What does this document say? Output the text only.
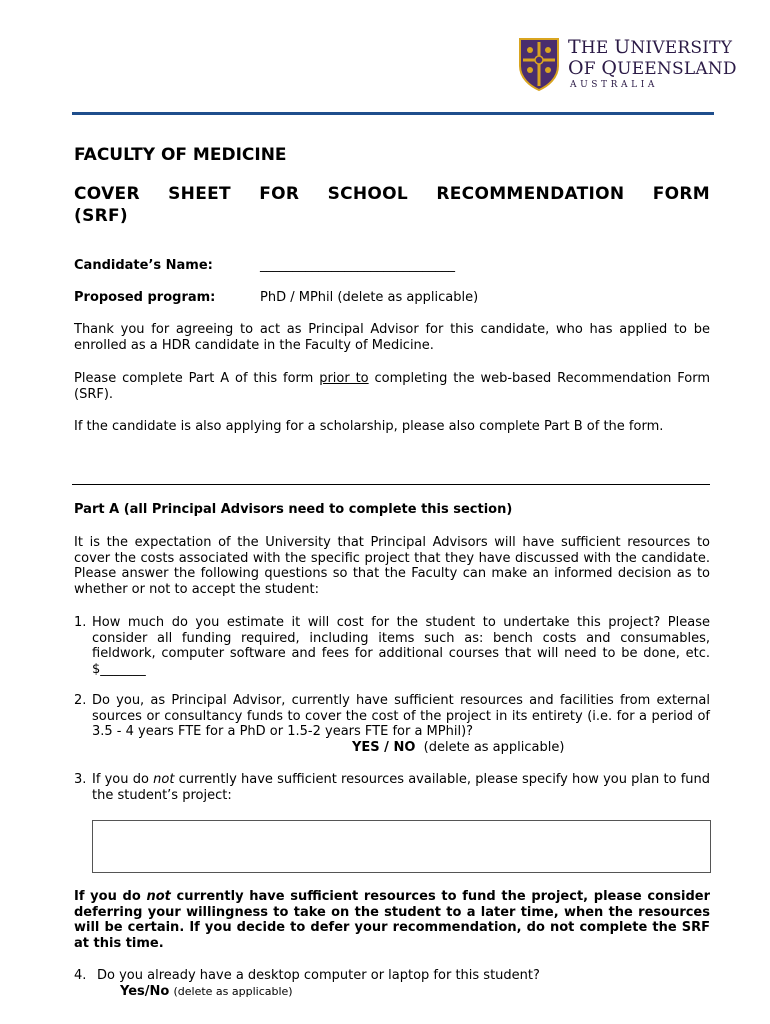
THE UNIVERSITY
OF QUEENSLAND
AUSTRALIA
FACULTY OF MEDICINE
COVER SHEET FOR SCHOOL RECOMMENDATION FORM
(SRF)
Candidate’s Name:	______________________________
Proposed program:	PhD / MPhil (delete as applicable)
Thank you for agreeing to act as Principal Advisor for this candidate, who has applied to be enrolled as a HDR candidate in the Faculty of Medicine.
Please complete Part A of this form prior to completing the web-based Recommendation Form (SRF).
If the candidate is also applying for a scholarship, please also complete Part B of the form.
Part A (all Principal Advisors need to complete this section)
It is the expectation of the University that Principal Advisors will have sufficient resources to cover the costs associated with the specific project that they have discussed with the candidate. Please answer the following questions so that the Faculty can make an informed decision as to whether or not to accept the student:
1. How much do you estimate it will cost for the student to undertake this project? Please consider all funding required, including items such as: bench costs and consumables, fieldwork, computer software and fees for additional courses that will need to be done, etc. $_______
2. Do you, as Principal Advisor, currently have sufficient resources and facilities from external sources or consultancy funds to cover the cost of the project in its entirety (i.e. for a period of 3.5 - 4 years FTE for a PhD or 1.5-2 years FTE for a MPhil)?
YES / NO (delete as applicable)
3. If you do not currently have sufficient resources available, please specify how you plan to fund the student’s project:
If you do not currently have sufficient resources to fund the project, please consider deferring your willingness to take on the student to a later time, when the resources will be certain. If you decide to defer your recommendation, do not complete the SRF at this time.
4. Do you already have a desktop computer or laptop for this student?
Yes/No (delete as applicable)
